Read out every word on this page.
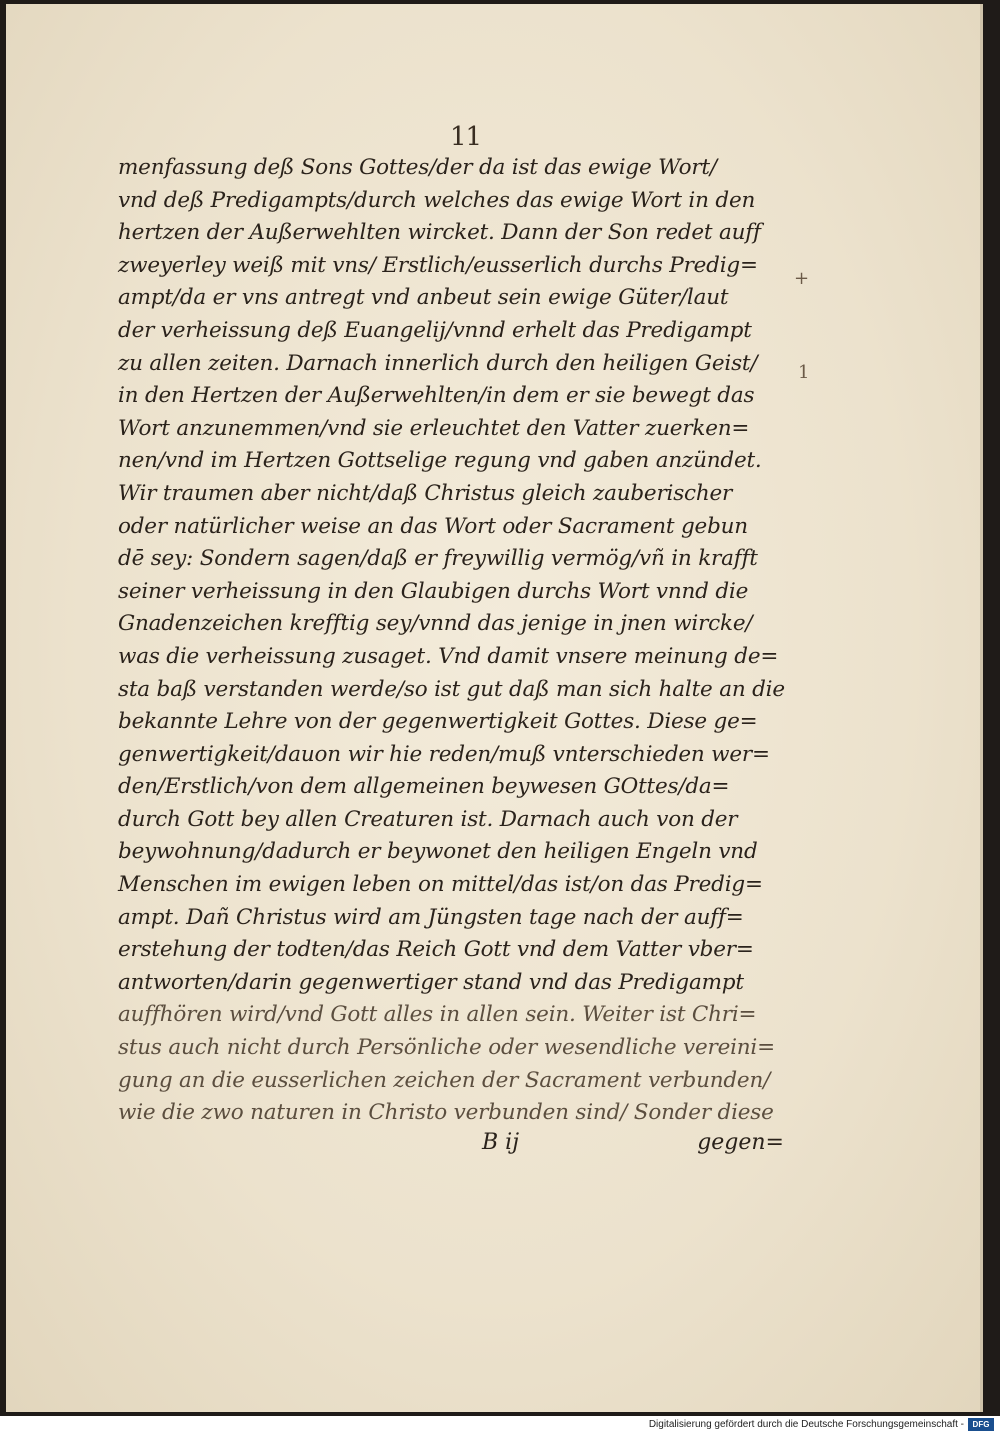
11
menfassung deß Sons Gottes/der da ist das ewige Wort/
vnd deß Predigampts/durch welches das ewige Wort in den
hertzen der Außerwehlten wircket. Dann der Son redet auff
zweyerley weiß mit vns/ Erstlich/eusserlich durchs Predig=
ampt/da er vns antregt vnd anbeut sein ewige Güter/laut
der verheissung deß Euangelij/vnnd erhelt das Predigampt
zu allen zeiten. Darnach innerlich durch den heiligen Geist/
in den Hertzen der Außerwehlten/in dem er sie bewegt das
Wort anzunemmen/vnd sie erleuchtet den Vatter zuerken=
nen/vnd im Hertzen Gottselige regung vnd gaben anzündet.
Wir traumen aber nicht/daß Christus gleich zauberischer
oder natürlicher weise an das Wort oder Sacrament gebun
dē sey: Sondern sagen/daß er freywillig vermög/vñ in krafft
seiner verheissung in den Glaubigen durchs Wort vnnd die
Gnadenzeichen krefftig sey/vnnd das jenige in jnen wircke/
was die verheissung zusaget. Vnd damit vnsere meinung de=
sta baß verstanden werde/so ist gut daß man sich halte an die
bekannte Lehre von der gegenwertigkeit Gottes. Diese ge=
genwertigkeit/dauon wir hie reden/muß vnterschieden wer=
den/Erstlich/von dem allgemeinen beywesen GOttes/da=
durch Gott bey allen Creaturen ist. Darnach auch von der
beywohnung/dadurch er beywonet den heiligen Engeln vnd
Menschen im ewigen leben on mittel/das ist/on das Predig=
ampt. Dañ Christus wird am Jüngsten tage nach der auff=
erstehung der todten/das Reich Gott vnd dem Vatter vber=
antworten/darin gegenwertiger stand vnd das Predigampt
auffhören wird/vnd Gott alles in allen sein. Weiter ist Chri=
stus auch nicht durch Persönliche oder wesendliche vereini=
gung an die eusserlichen zeichen der Sacrament verbunden/
wie die zwo naturen in Christo verbunden sind/ Sonder diese
+
1
B ij	gegen=
Digitalisierung gefördert durch die Deutsche Forschungsgemeinschaft -	DFG
